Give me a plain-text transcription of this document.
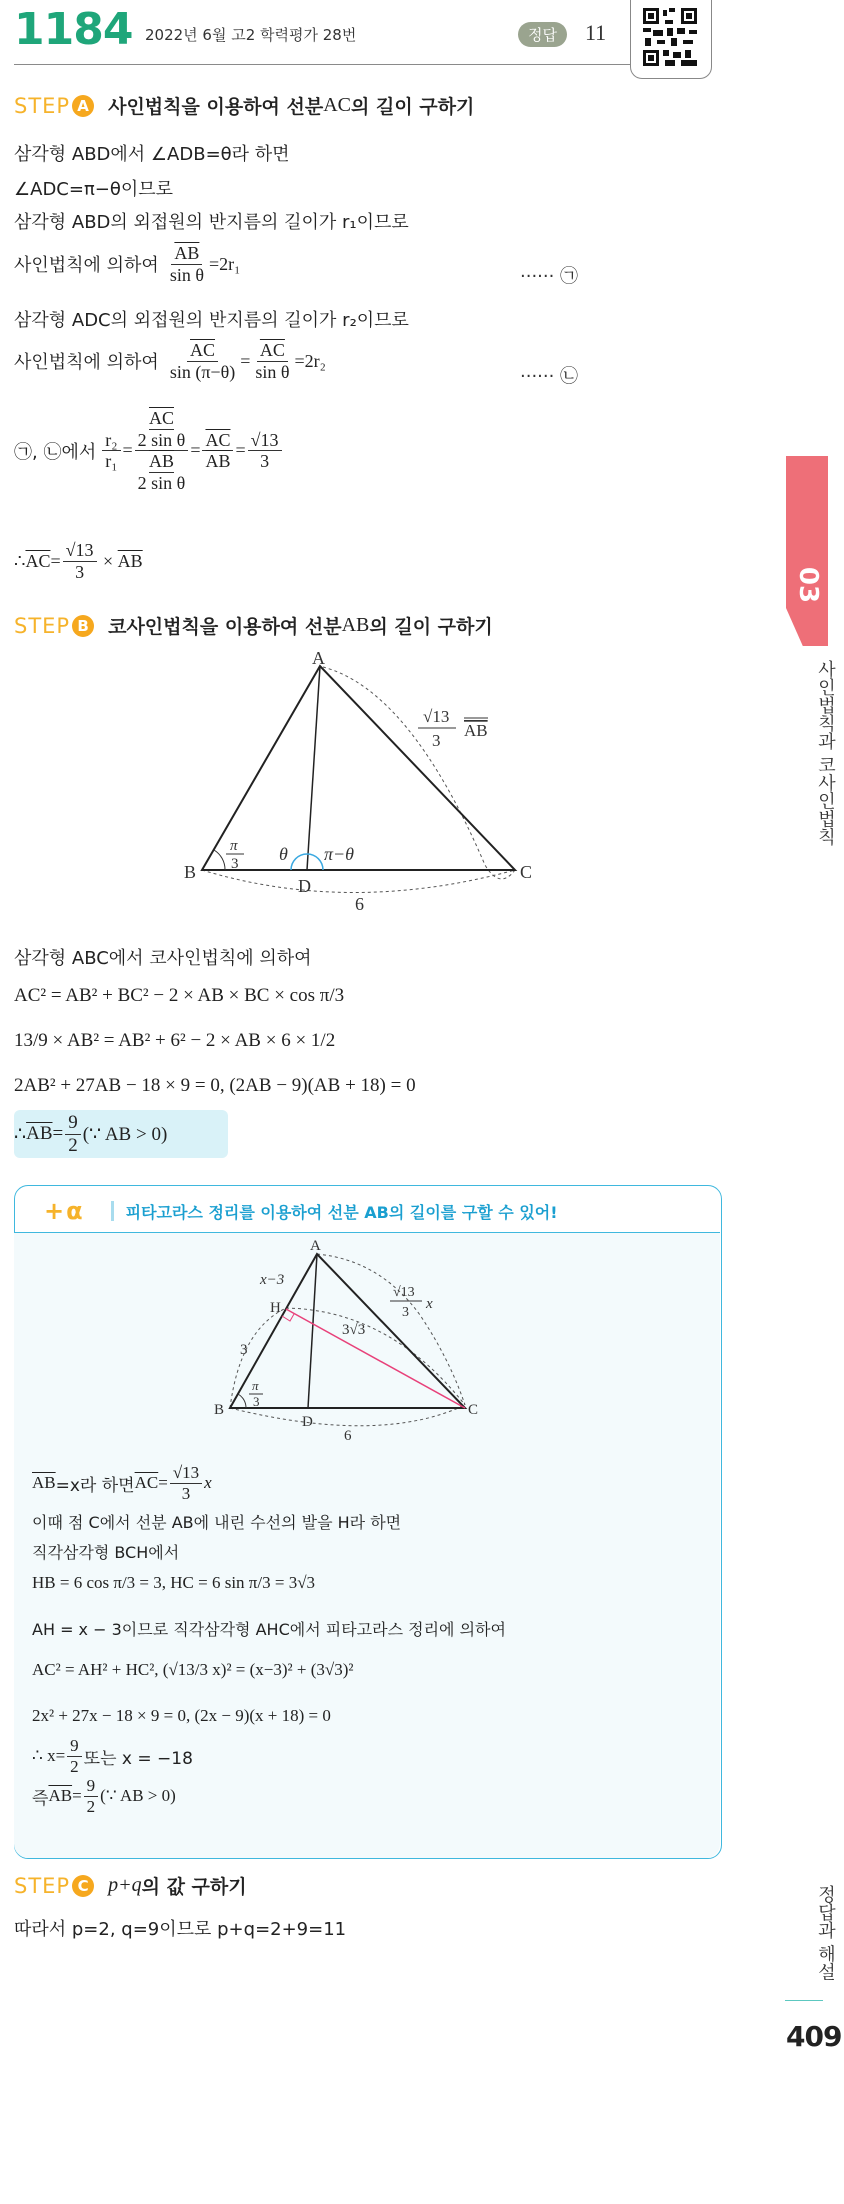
1184 2022년 6월 고2 학력평가 28번	정답	11
STEP A 사인법칙을 이용하여 선분 AC 의 길이 구하기
삼각형 ABD에서 ∠ADB=θ라 하면
∠ADC=π−θ이므로
삼각형 ABD의 외접원의 반지름의 길이가 r₁이므로
사인법칙에 의하여 $\frac{\overline{AB}}{\text{sin θ}} =2r_1$
······ ㉠
삼각형 ADC의 외접원의 반지름의 길이가 r₂이므로
사인법칙에 의하여 $\frac{\overline{AC}}{\sin (\pi-\theta)} = \frac{\overline{AC}}{\text{sin θ}} =2r_2$
······ ㉡
㉠, ㉡에서 $\frac{\text{r₂}}{\text{r₁}} = \overline{AC}$
2 sin θ
$\overline{AB}$
2 $\sin \theta = \frac{\overline{AC}}{AB} = \frac{√13}{3}$
∴ $\overline{AC} = \frac{√13}{3} \times \overline{AB}$
STEP B 코사인법칙을 이용하여 선분 AB 의 길이 구하기
A
B	C
D
θ π−θ
π
3
6
√13
3
AB
삼각형 ABC에서 코사인법칙에 의하여
AC² = AB² + BC² − 2 × AB × BC × cos π/3
13/9 × AB² = AB² + 6² − 2 × AB × 6 × 1/2
2AB² + 27AB − 18 × 9 = 0, (2AB − 9)(AB + 18) = 0
∴ $\overline{AB} = \frac{9}{2}$ (∵ AB > 0)
+ α	피타고라스 정리를 이용하여 선분 AB의 길이를 구할 수 있어!
A
B	C
D
H
x−3
3
3√3
6
π
3
√13
3
x
$\overline{AB} =x$라 하면 $\overline{AC} = \frac{√13}{3}$ x
이때 점 C에서 선분 AB에 내린 수선의 발을 H라 하면
직각삼각형 BCH에서
HB = 6 cos π/3 = 3, HC = 6 sin π/3 = 3√3
AH = x − 3이므로 직각삼각형 AHC에서 피타고라스 정리에 의하여
AC² = AH² + HC², (√13/3 x)² = (x−3)² + (3√3)²
2x² + 27x − 18 × 9 = 0, (2x − 9)(x + 18) = 0
∴ $x= \frac{9}{2}$ 또는 x = −18
즉 $\overline{AB} = \frac{9}{2}$ (∵ AB > 0)
STEP C p+q 의 값 구하기
따라서 p=2, q=9이므로 p+q=2+9=11
03
사인법칙과 코사인법칙
정답과 해설
409
